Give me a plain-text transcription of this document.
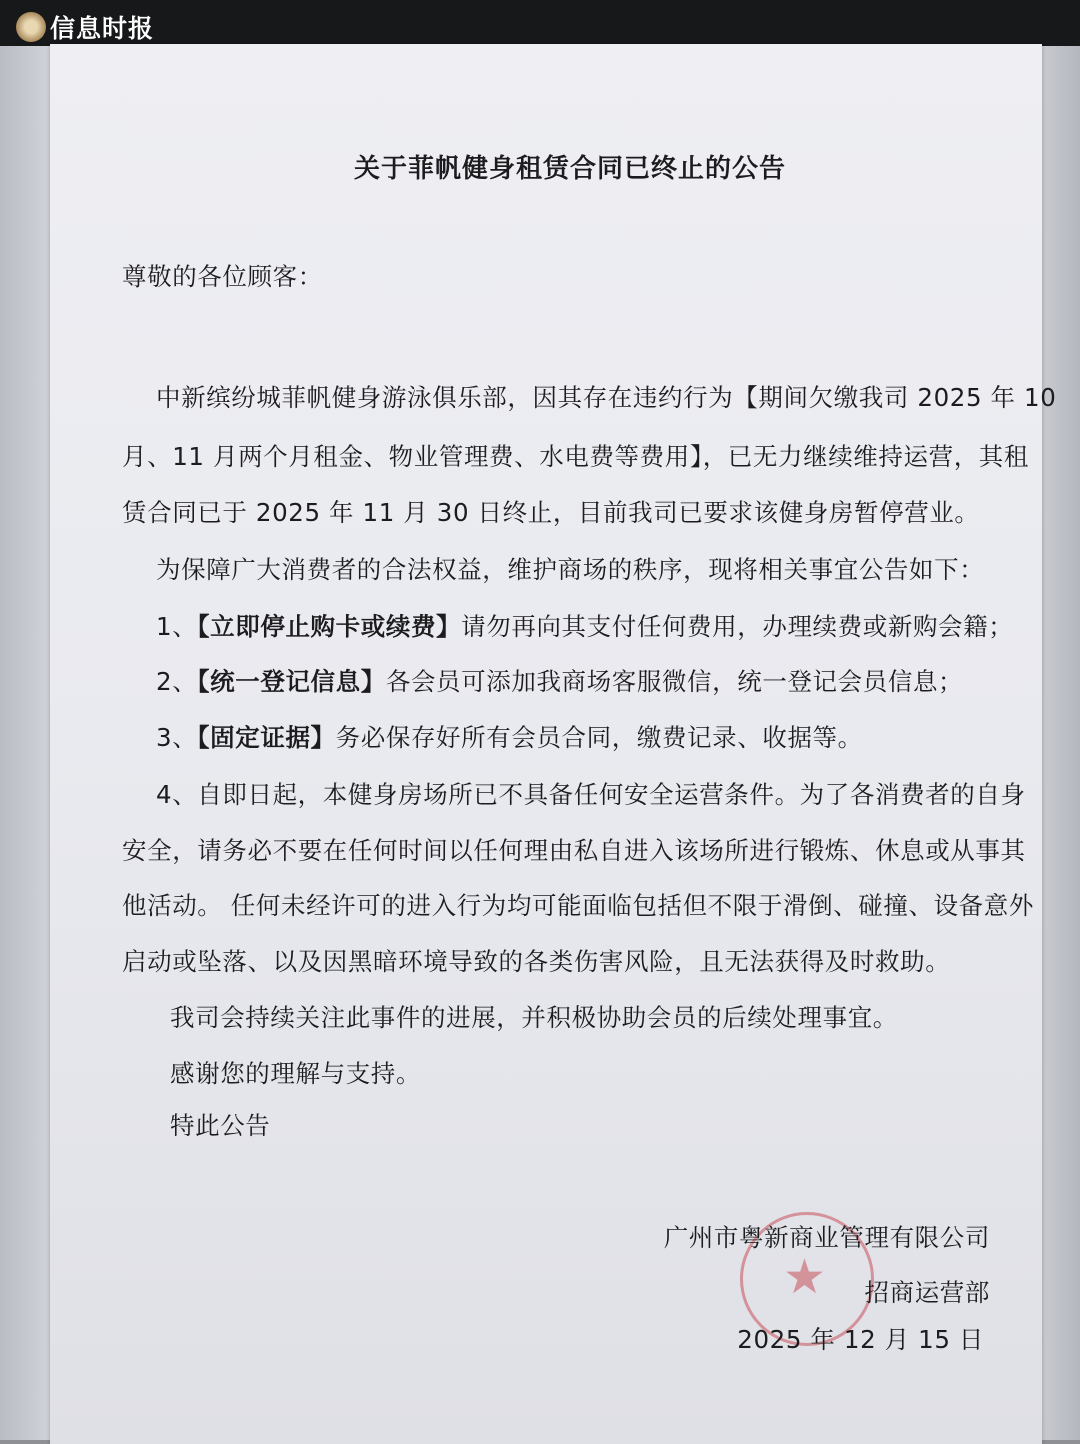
信息时报
关于菲帆健身租赁合同已终止的公告
尊敬的各位顾客：
中新缤纷城菲帆健身游泳俱乐部，因其存在违约行为【期间欠缴我司 2025 年 10
月、11 月两个月租金、物业管理费、水电费等费用】，已无力继续维持运营，其租
赁合同已于 2025 年 11 月 30 日终止，目前我司已要求该健身房暂停营业。
为保障广大消费者的合法权益，维护商场的秩序，现将相关事宜公告如下：
1、【立即停止购卡或续费】请勿再向其支付任何费用，办理续费或新购会籍；
2、【统一登记信息】各会员可添加我商场客服微信，统一登记会员信息；
3、【固定证据】务必保存好所有会员合同，缴费记录、收据等。
4、自即日起，本健身房场所已不具备任何安全运营条件。为了各消费者的自身
安全，请务必不要在任何时间以任何理由私自进入该场所进行锻炼、休息或从事其
他活动。 任何未经许可的进入行为均可能面临包括但不限于滑倒、碰撞、设备意外
启动或坠落、以及因黑暗环境导致的各类伤害风险，且无法获得及时救助。
我司会持续关注此事件的进展，并积极协助会员的后续处理事宜。
感谢您的理解与支持。
特此公告
★
广州市粤新商业管理有限公司
招商运营部
2025 年 12 月 15 日
